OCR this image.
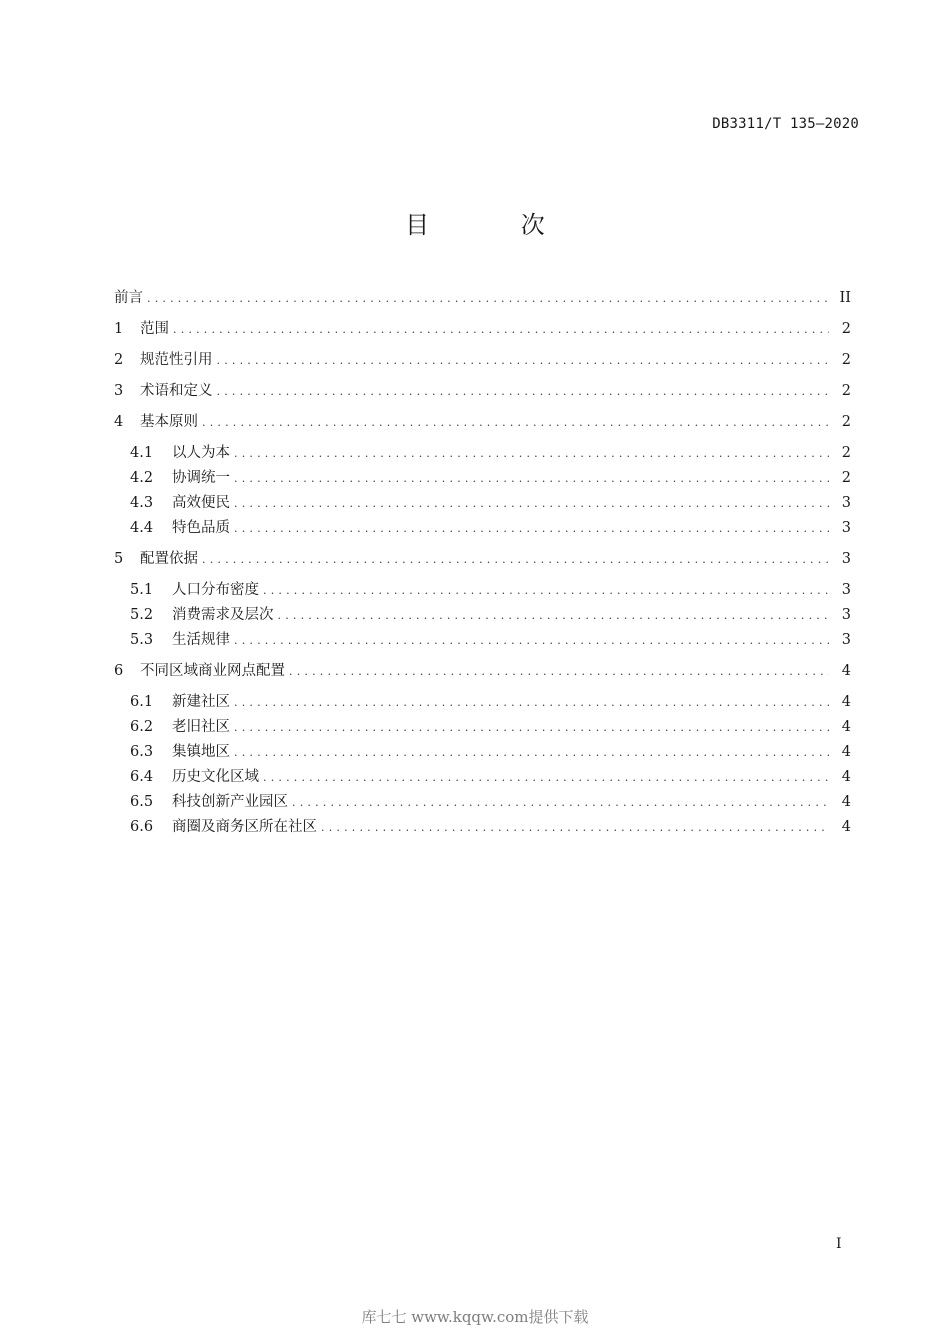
DB3311/T 135—2020
目 次
前言 .....	II
1	范围 .....	2
2	规范性引用 .....	2
3	术语和定义 .....	2
4	基本原则 .....	2
4.1	以人为本 .....	2
4.2	协调统一 .....	2
4.3	高效便民 .....	3
4.4	特色品质 .....	3
5	配置依据 .....	3
5.1	人口分布密度 .....	3
5.2	消费需求及层次 .....	3
5.3	生活规律 .....	3
6	不同区域商业网点配置 .....	4
6.1	新建社区 .....	4
6.2	老旧社区 .....	4
6.3	集镇地区 .....	4
6.4	历史文化区域 .....	4
6.5	科技创新产业园区 .....	4
6.6	商圈及商务区所在社区 .....	4
I
库七七 www.kqqw.com提供下载
